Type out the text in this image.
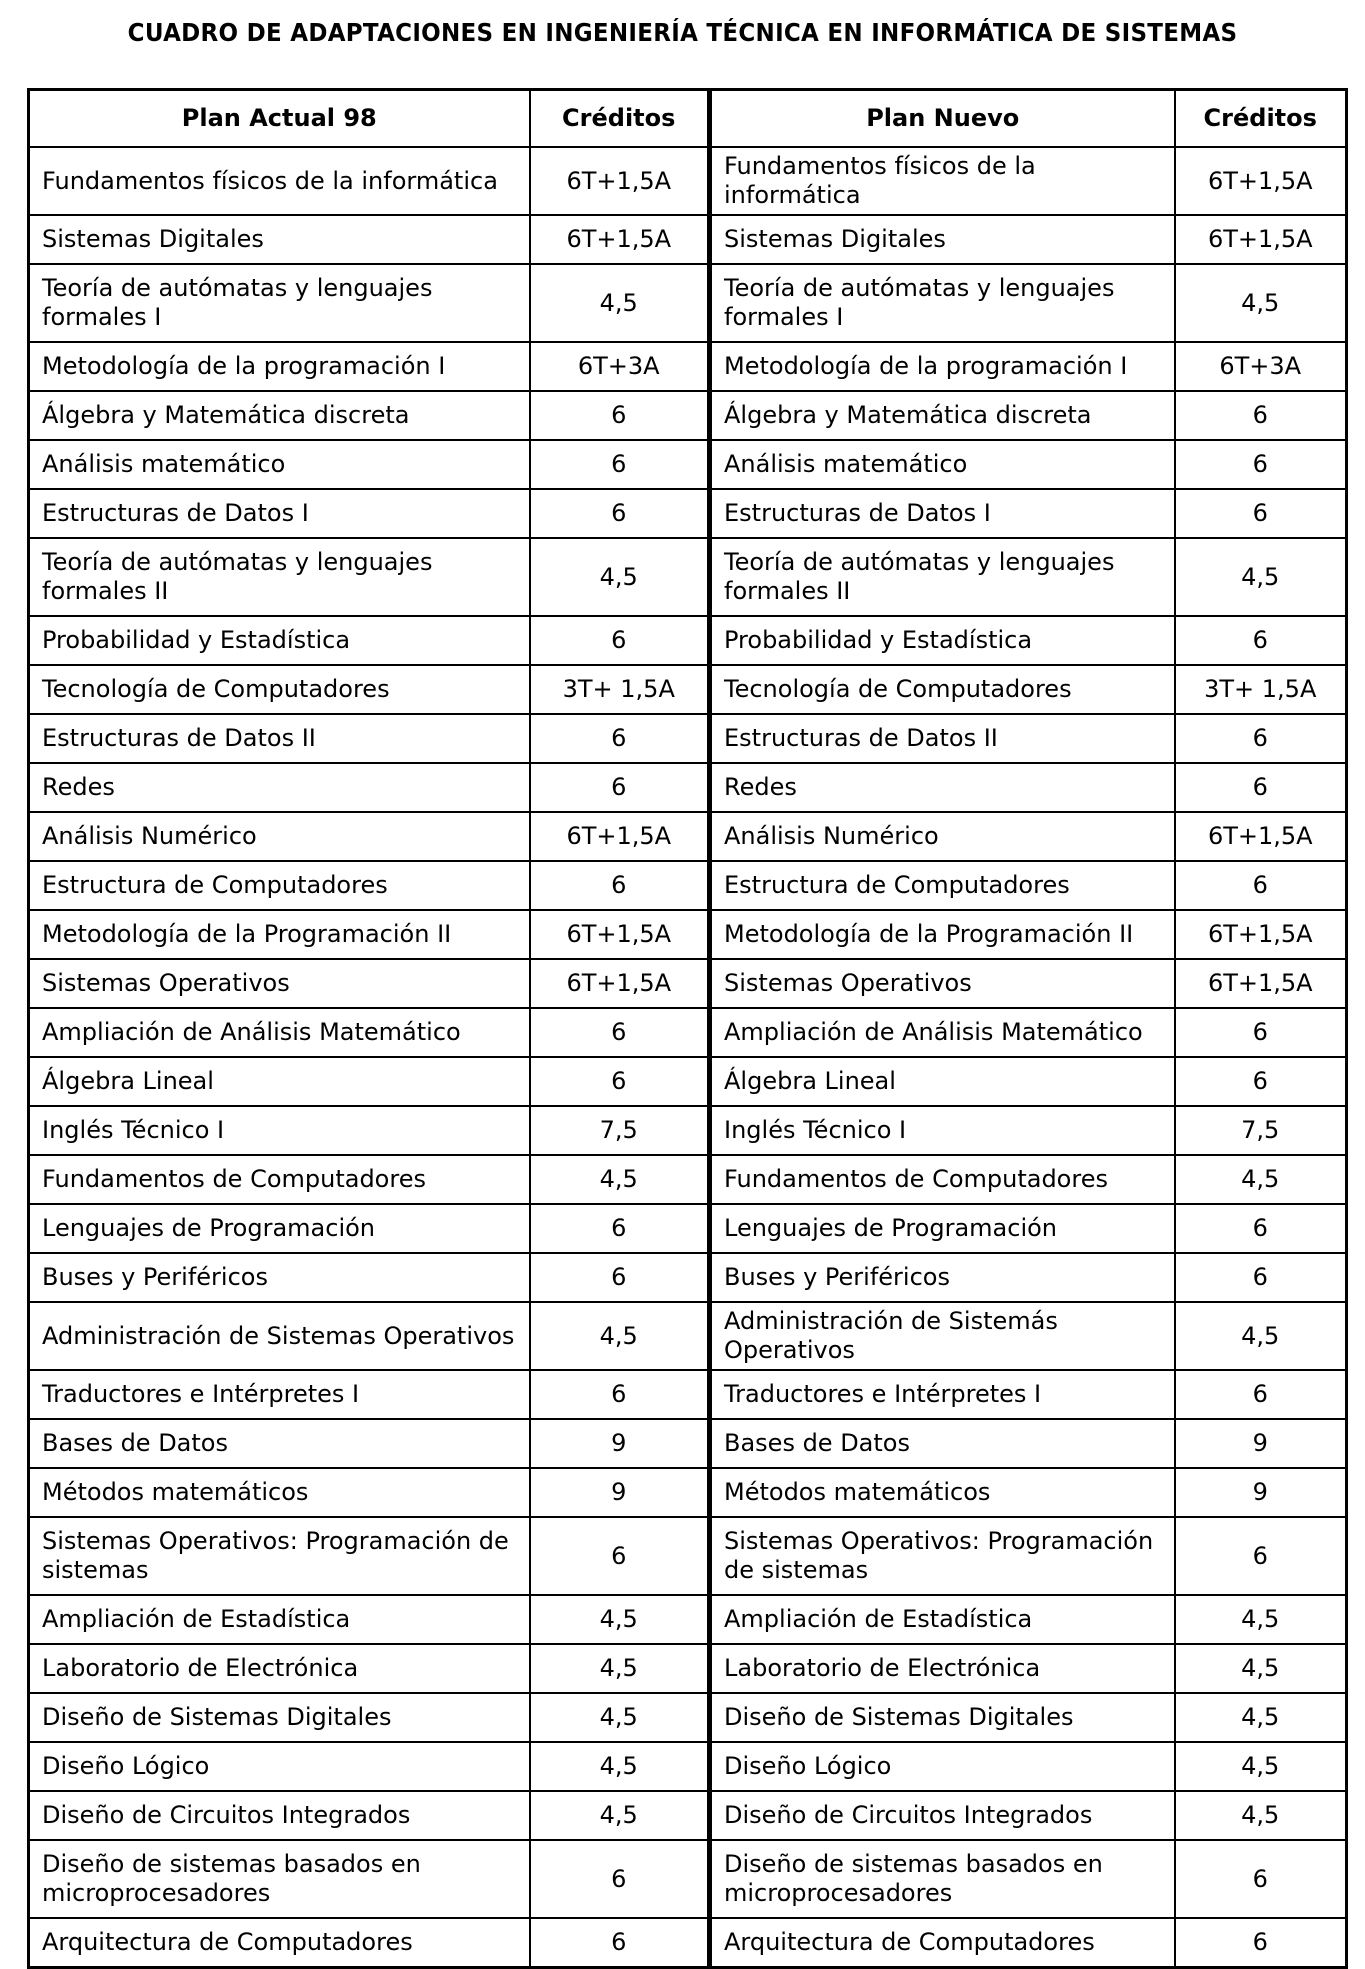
CUADRO DE ADAPTACIONES EN INGENIERÍA TÉCNICA EN INFORMÁTICA DE SISTEMAS
Plan Actual 98	Créditos	Plan Nuevo	Créditos
Fundamentos físicos de la informática	6T+1,5A	Fundamentos físicos de la informática	6T+1,5A
Sistemas Digitales	6T+1,5A	Sistemas Digitales	6T+1,5A
Teoría de autómatas y lenguajes formales I	4,5	Teoría de autómatas y lenguajes formales I	4,5
Metodología de la programación I	6T+3A	Metodología de la programación I	6T+3A
Álgebra y Matemática discreta	6	Álgebra y Matemática discreta	6
Análisis matemático	6	Análisis matemático	6
Estructuras de Datos I	6	Estructuras de Datos I	6
Teoría de autómatas y lenguajes formales II	4,5	Teoría de autómatas y lenguajes formales II	4,5
Probabilidad y Estadística	6	Probabilidad y Estadística	6
Tecnología de Computadores	3T+ 1,5A	Tecnología de Computadores	3T+ 1,5A
Estructuras de Datos II	6	Estructuras de Datos II	6
Redes	6	Redes	6
Análisis Numérico	6T+1,5A	Análisis Numérico	6T+1,5A
Estructura de Computadores	6	Estructura de Computadores	6
Metodología de la Programación II	6T+1,5A	Metodología de la Programación II	6T+1,5A
Sistemas Operativos	6T+1,5A	Sistemas Operativos	6T+1,5A
Ampliación de Análisis Matemático	6	Ampliación de Análisis Matemático	6
Álgebra Lineal	6	Álgebra Lineal	6
Inglés Técnico I	7,5	Inglés Técnico I	7,5
Fundamentos de Computadores	4,5	Fundamentos de Computadores	4,5
Lenguajes de Programación	6	Lenguajes de Programación	6
Buses y Periféricos	6	Buses y Periféricos	6
Administración de Sistemas Operativos	4,5	Administración de Sistemás Operativos	4,5
Traductores e Intérpretes I	6	Traductores e Intérpretes I	6
Bases de Datos	9	Bases de Datos	9
Métodos matemáticos	9	Métodos matemáticos	9
Sistemas Operativos: Programación de sistemas	6	Sistemas Operativos: Programación de sistemas	6
Ampliación de Estadística	4,5	Ampliación de Estadística	4,5
Laboratorio de Electrónica	4,5	Laboratorio de Electrónica	4,5
Diseño de Sistemas Digitales	4,5	Diseño de Sistemas Digitales	4,5
Diseño Lógico	4,5	Diseño Lógico	4,5
Diseño de Circuitos Integrados	4,5	Diseño de Circuitos Integrados	4,5
Diseño de sistemas basados en microprocesadores	6	Diseño de sistemas basados en microprocesadores	6
Arquitectura de Computadores	6	Arquitectura de Computadores	6
